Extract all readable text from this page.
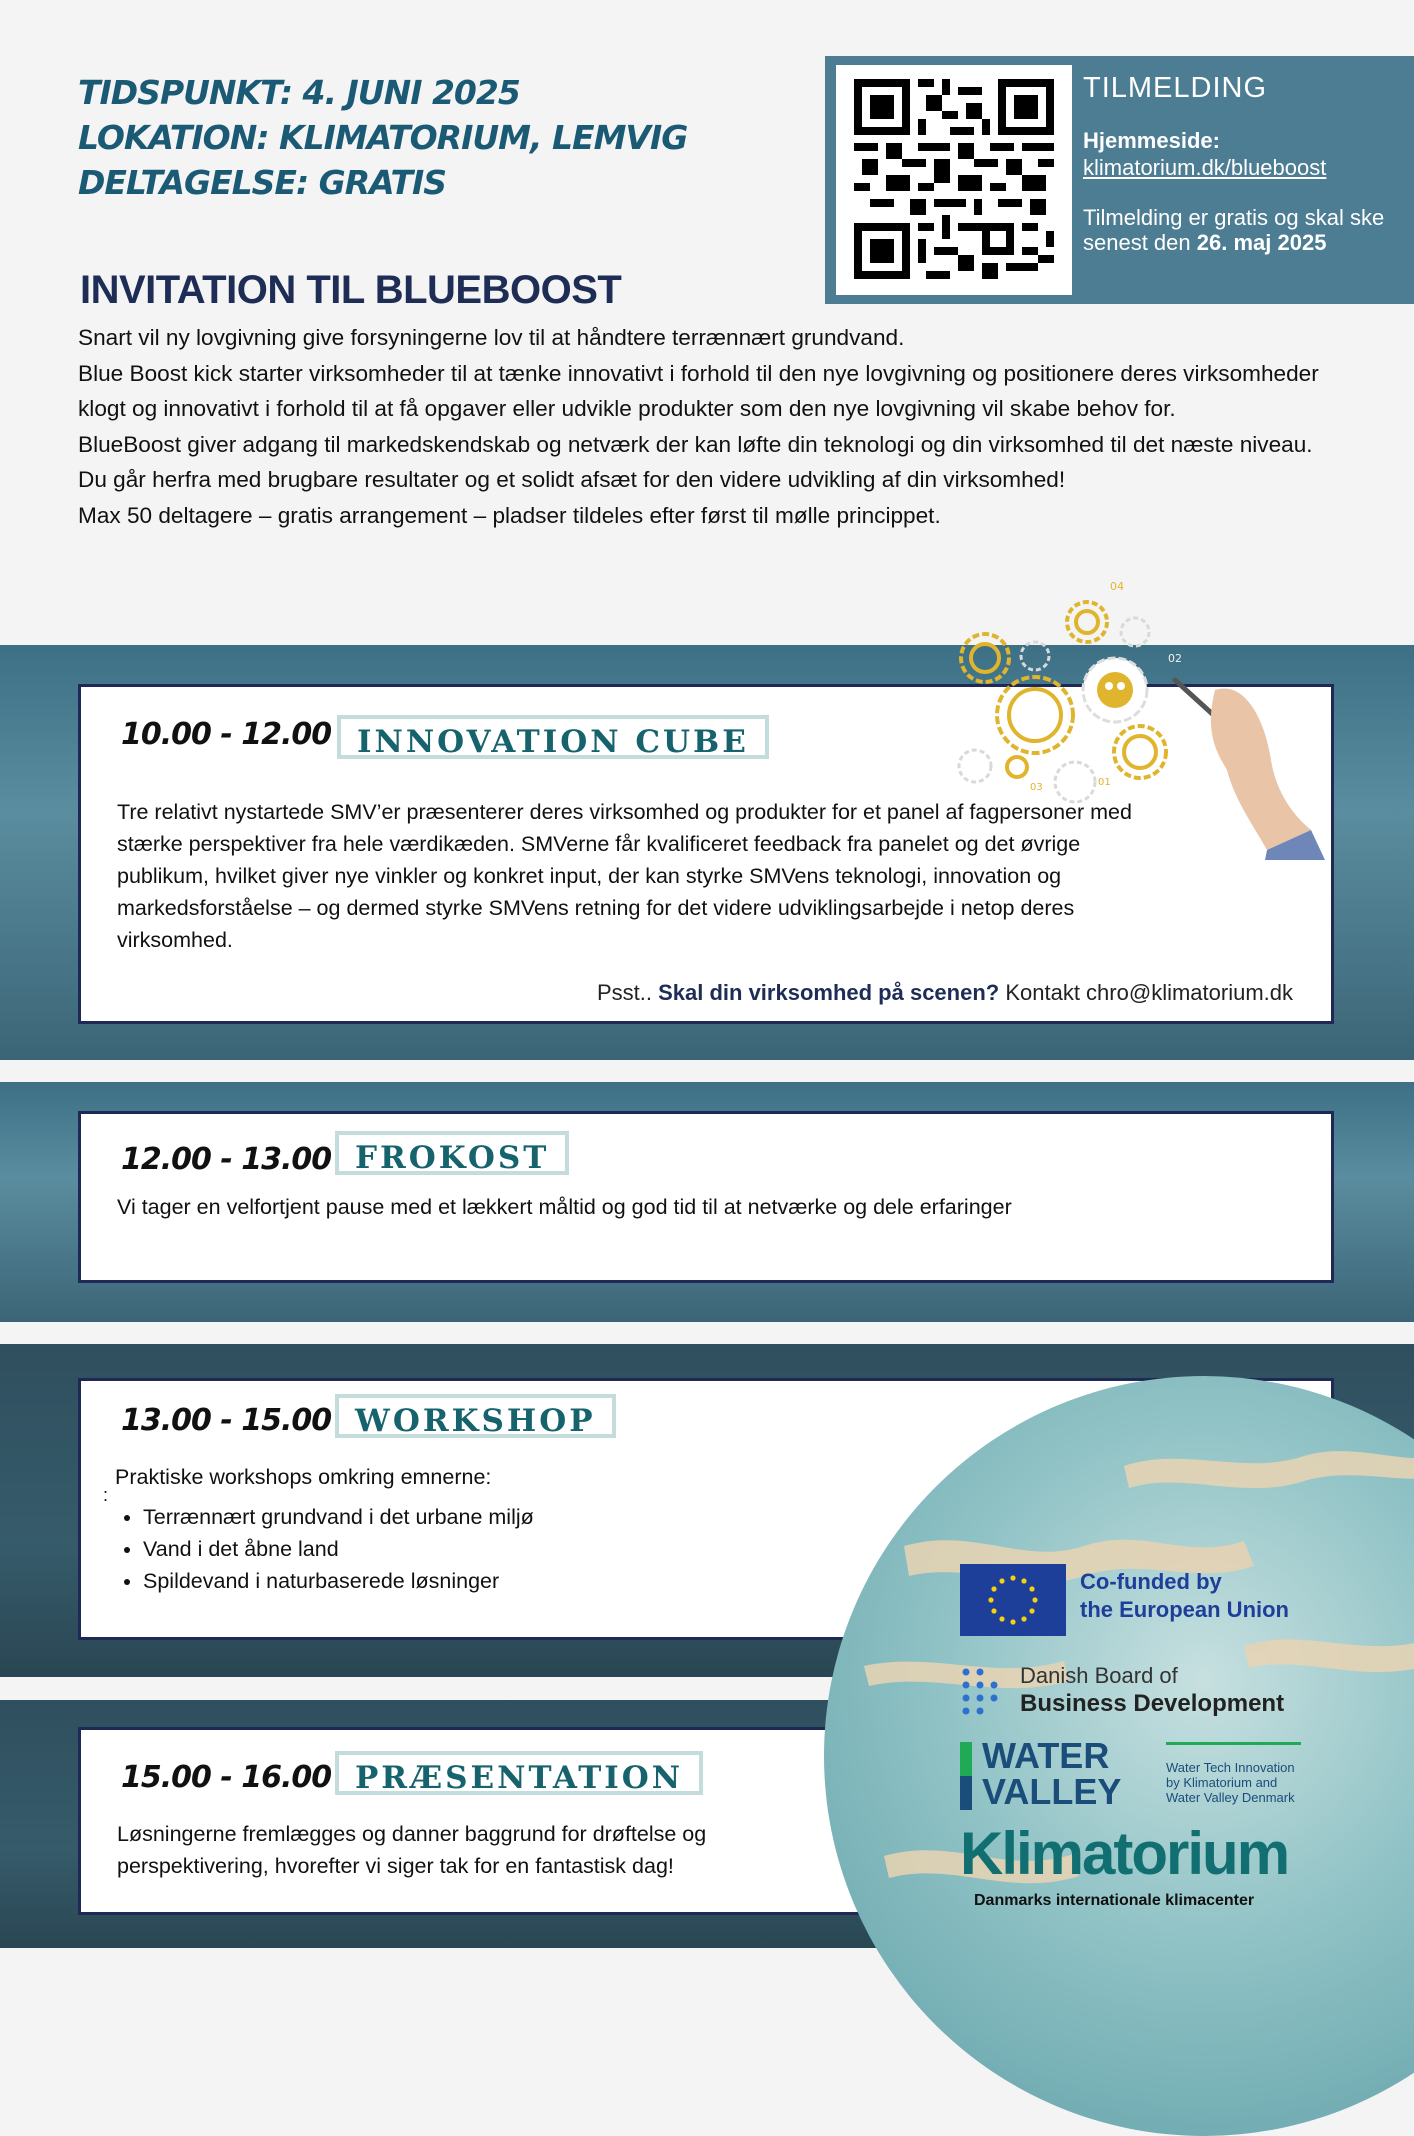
TIDSPUNKT: 4. JUNI 2025
LOKATION: KLIMATORIUM, LEMVIG
DELTAGELSE: GRATIS
TILMELDING
Hjemmeside:
klimatorium.dk/blueboost
Tilmelding er gratis og skal ske senest den 26. maj 2025
INVITATION TIL BLUEBOOST

Snart vil ny lovgivning give forsyningerne lov til at håndtere terrænnært grundvand.

Blue Boost kick starter virksomheder til at tænke innovativt i forhold til den nye lovgivning og positionere deres virksomheder klogt og innovativt i forhold til at få opgaver eller udvikle produkter som den nye lovgivning vil skabe behov for.

BlueBoost giver adgang til markedskendskab og netværk der kan løfte din teknologi og din virksomhed til det næste niveau.

Du går herfra med brugbare resultater og et solidt afsæt for den videre udvikling af din virksomhed!

Max 50 deltagere – gratis arrangement – pladser tildeles efter først til mølle princippet.

10.00 - 12.00 INNOVATION CUBE
Tre relativt nystartede SMV’er præsenterer deres virksomhed og produkter for et panel af fagpersoner med stærke perspektiver fra hele værdikæden. SMVerne får kvalificeret feedback fra panelet og det øvrige publikum, hvilket giver nye vinkler og konkret input, der kan styrke SMVens teknologi, innovation og markedsforståelse – og dermed styrke SMVens retning for det videre udviklingsarbejde i netop deres virksomhed.
Psst.. Skal din virksomhed på scenen? Kontakt chro@klimatorium.dk
04
02
03	01
12.00 - 13.00 FROKOST
Vi tager en velfortjent pause med et lækkert måltid og god tid til at netværke og dele erfaringer
13.00 - 15.00 WORKSHOP
:
Praktiske workshops omkring emnerne:
• Terrænnært grundvand i det urbane miljø
• Vand i det åbne land
• Spildevand i naturbaserede løsninger
15.00 - 16.00 PRÆSENTATION
Løsningerne fremlægges og danner baggrund for drøftelse og perspektivering, hvorefter vi siger tak for en fantastisk dag!
Co-funded by
the European Union
Danish Board of
Business Development
WATER
VALLEY
Water Tech Innovation
by Klimatorium and
Water Valley Denmark
Klimatorium
Danmarks internationale klimacenter
